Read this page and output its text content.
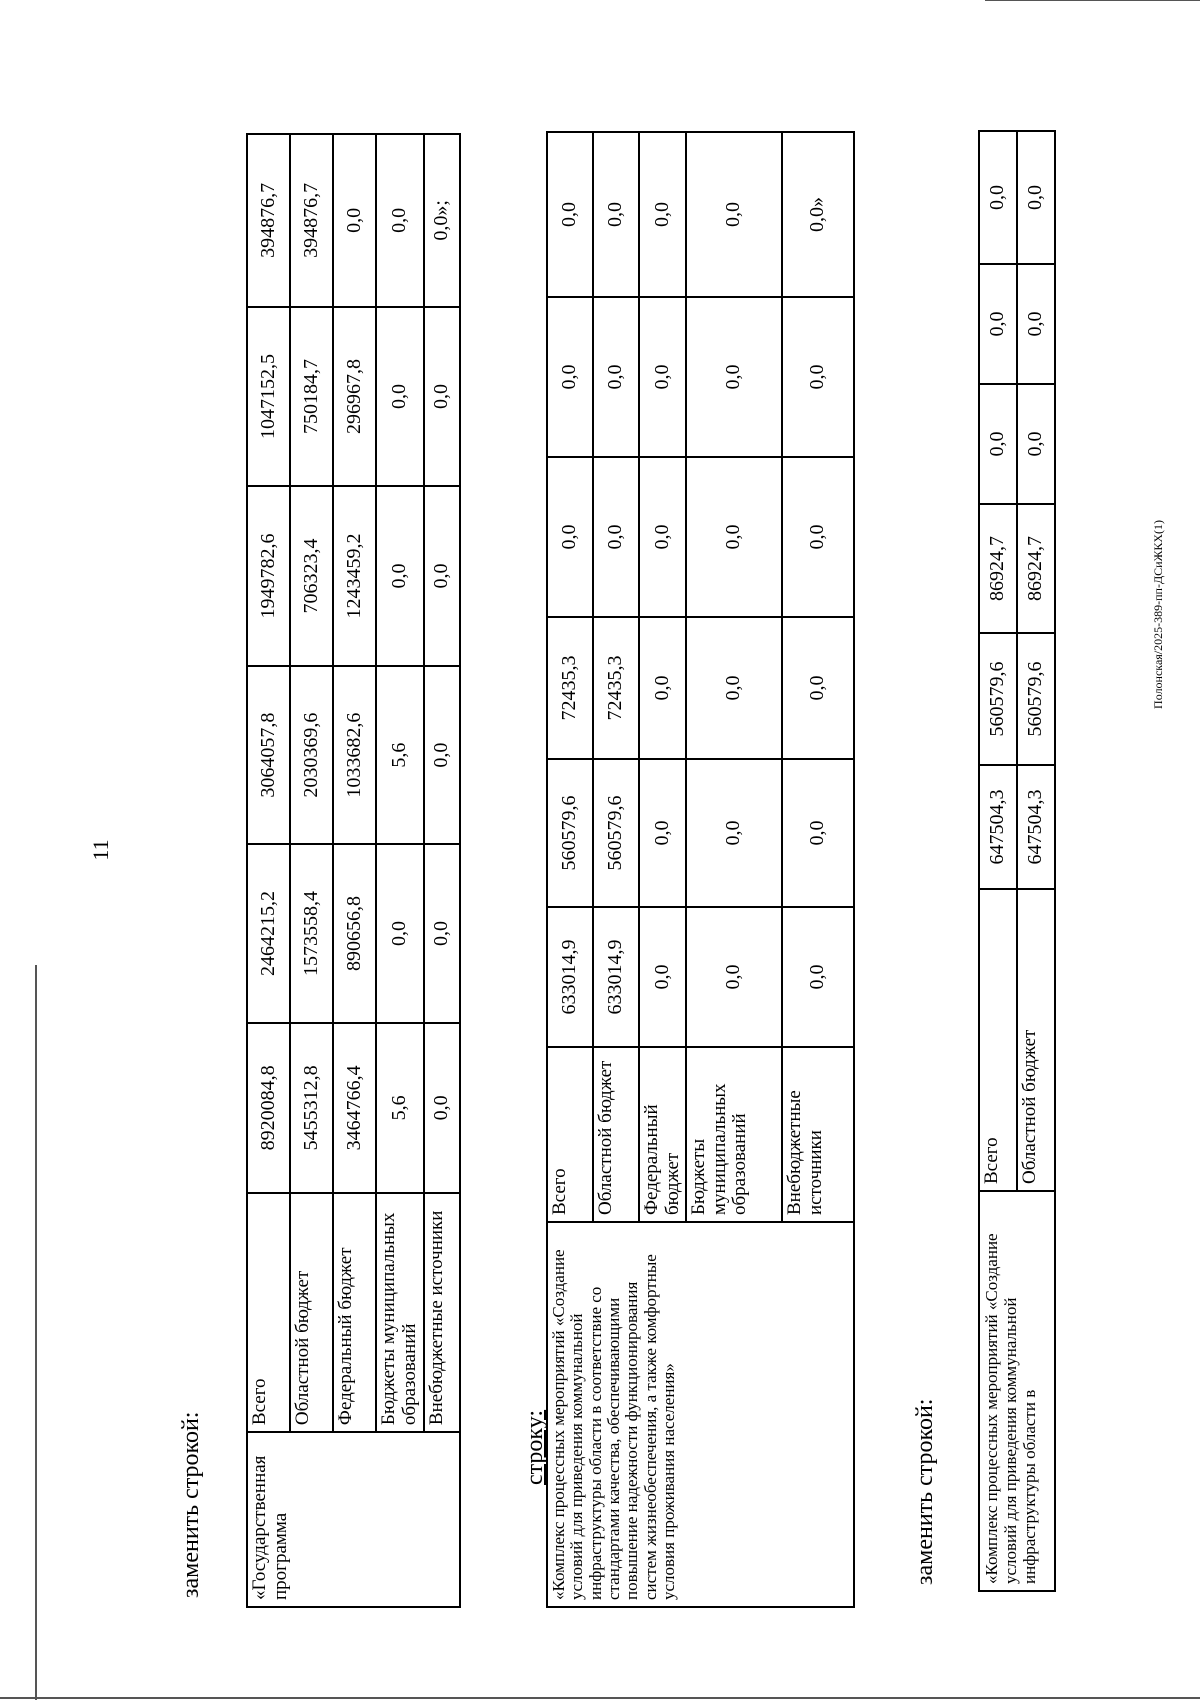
11
заменить строкой: «Государственная программа	Всего	8920084,8	2464215,2	3064057,8	1949782,6	1047152,5	394876,7
	Областной бюджет	5455312,8	1573558,4	2030369,6	706323,4	750184,7	394876,7
	Федеральный бюджет	3464766,4	890656,8	1033682,6	1243459,2	296967,8	0,0
	Бюджеты муниципальных образований	5,6	0,0	5,6	0,0	0,0	0,0
	Внебюджетные источники	0,0	0,0	0,0	0,0	0,0	0,0»;
строку: «Комплекс процессных мероприятий «Создание условий для приведения коммунальной инфраструктуры области в соответствие со стандартами качества, обеспечивающими повышение надежности функционирования систем жизнеобеспечения, а также комфортные условия проживания населения»	Всего	633014,9	560579,6	72435,3	0,0	0,0	0,0
	Областной бюджет	633014,9	560579,6	72435,3	0,0	0,0	0,0
	Федеральный бюджет	0,0	0,0	0,0	0,0	0,0	0,0
	Бюджеты муниципальных образований	0,0	0,0	0,0	0,0	0,0	0,0
	Внебюджетные источники	0,0	0,0	0,0	0,0	0,0	0,0»
заменить строкой:	«Комплекс процессных мероприятий «Создание условий для приведения коммунальной инфраструктуры области в	Всего	647504,3	560579,6	86924,7	0,0	0,0	0,0
	Областной бюджет	647504,3	560579,6	86924,7	0,0	0,0	0,0
Полонская/2025-389-пп-ДСиЖКХ(1)
